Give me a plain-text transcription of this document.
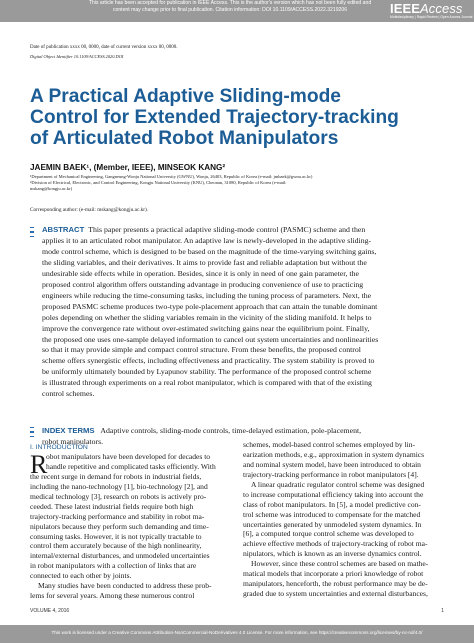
This article has been accepted for publication in IEEE Access. This is the author's version which has not been fully edited and
content may change prior to final publication. Citation information: DOI 10.1109/ACCESS.2022.3219206	IEEEAccess
Multidisciplinary | Rapid Review | Open Access Journal
Date of publication xxxx 00, 0000, date of current version xxxx 00, 0000.
Digital Object Identifier 10.1109/ACCESS.2020.DOI
A Practical Adaptive Sliding-mode
Control for Extended Trajectory-tracking
of Articulated Robot Manipulators
JAEMIN BAEK¹, (Member, IEEE), MINSEOK KANG²
¹Department of Mechanical Engineering, Gangneung-Wonju National University (GWNU), Wonju, 26403, Republic of Korea (e-mail: jmbaek@gwnu.ac.kr)
²Division of Electrical, Electronic, and Control Engineering, Kongju National University (KNU), Cheonan, 31080, Republic of Korea (e-mail:
mskang@kongju.ac.kr)
Corresponding author: (e-mail: mskang@kongju.ac.kr).
ABSTRACT This paper presents a practical adaptive sliding-mode control (PASMC) scheme and then
applies it to an articulated robot manipulator. An adaptive law is newly-developed in the adaptive sliding-
mode control scheme, which is designed to be based on the magnitude of the time-varying switching gains,
the sliding variables, and their derivatives. It aims to provide fast and reliable adaptation but without the
undesirable side effects while in operation. Besides, since it is only in need of one gain parameter, the
proposed control algorithm offers outstanding advantage in producing convenience of use to practicing
engineers while reducing the time-consuming tasks, including the tuning process of parameters. Next, the
proposed PASMC scheme produces two-type pole-placement approach that can attain the tunable dominant
poles depending on whether the sliding variables remain in the vicinity of the sliding manifold. It helps to
improve the convergence rate without over-estimated switching gains near the equilibrium point. Finally,
the proposed one uses one-sample delayed information to cancel out system uncertainties and nonlinearities
so that it may provide simple and compact control structure. From these benefits, the proposed control
scheme offers synergistic effects, including effectiveness and practicality. The system stability is proved to
be uniformly ultimately bounded by Lyapunov stability. The performance of the proposed control scheme
is illustrated through experiments on a real robot manipulator, which is compared with that of the existing
control schemes.
INDEX TERMS Adaptive controls, sliding-mode controls, time-delayed estimation, pole-placement,
robot manipulators.
I. INTRODUCTION
R
obot manipulators have been developed for decades to
handle repetitive and complicated tasks efficiently. With
the recent surge in demand for robots in industrial fields,
including the nano-technology [1], bio-technology [2], and
medical technology [3], research on robots is actively pro-
ceeded. These latest industrial fields require both high
trajectory-tracking performance and stability in robot ma-
nipulators because they perform such demanding and time-
consuming tasks. However, it is not typically tractable to
control them accurately because of the high nonlinearity,
internal/external disturbances, and unmodeled uncertainties
in robot manipulators with a collection of links that are
connected to each other by joints.
Many studies have been conducted to address these prob-
lems for several years. Among these numerous control
schemes, model-based control schemes employed by lin-
earization methods, e.g., approximation in system dynamics
and nominal system model, have been introduced to obtain
trajectory-tracking performance in robot manipulators [4].
A linear quadratic regulator control scheme was designed
to increase computational efficiency taking into account the
class of robot manipulators. In [5], a model predictive con-
trol scheme was introduced to compensate for the matched
uncertainties generated by unmodeled system dynamics. In
[6], a computed torque control scheme was developed to
achieve effective methods of trajectory-tracking of robot ma-
nipulators, which is known as an inverse dynamics control.
However, since these control schemes are based on mathe-
matical models that incorporate a priori knowledge of robot
manipulators, henceforth, the robust performance may be de-
graded due to system uncertainties and external disturbances,
VOLUME 4, 2016	1
This work is licensed under a Creative Commons Attribution-NonCommercial-NoDerivatives 4.0 License. For more information, see https://creativecommons.org/licenses/by-nc-nd/4.0/
